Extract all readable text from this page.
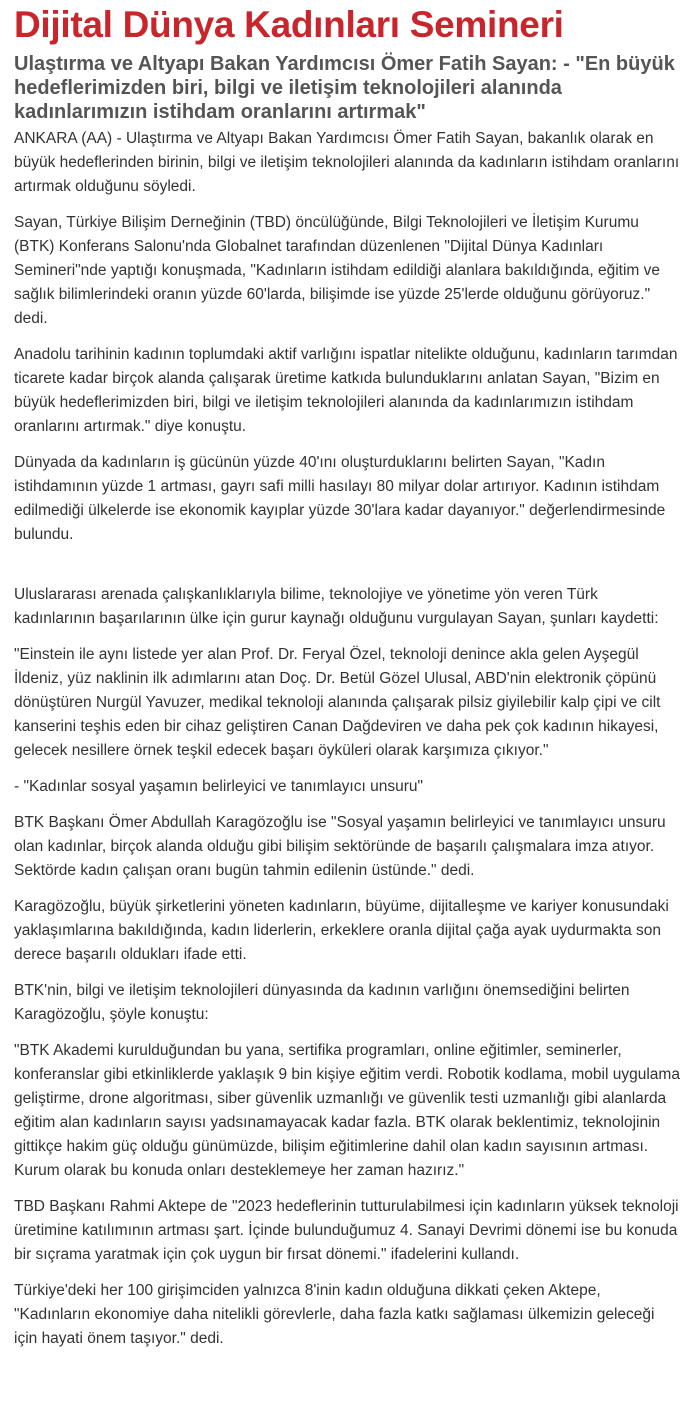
Dijital Dünya Kadınları Semineri
Ulaştırma ve Altyapı Bakan Yardımcısı Ömer Fatih Sayan: - "En büyük hedeflerimizden biri, bilgi ve iletişim teknolojileri alanında kadınlarımızın istihdam oranlarını artırmak"

ANKARA (AA) - Ulaştırma ve Altyapı Bakan Yardımcısı Ömer Fatih Sayan, bakanlık olarak en büyük hedeflerinden birinin, bilgi ve iletişim teknolojileri alanında da kadınların istihdam oranlarını artırmak olduğunu söyledi.

Sayan, Türkiye Bilişim Derneğinin (TBD) öncülüğünde, Bilgi Teknolojileri ve İletişim Kurumu (BTK) Konferans Salonu'nda Globalnet tarafından düzenlenen "Dijital Dünya Kadınları Semineri"nde yaptığı konuşmada, "Kadınların istihdam edildiği alanlara bakıldığında, eğitim ve sağlık bilimlerindeki oranın yüzde 60'larda, bilişimde ise yüzde 25'lerde olduğunu görüyoruz." dedi.

Anadolu tarihinin kadının toplumdaki aktif varlığını ispatlar nitelikte olduğunu, kadınların tarımdan ticarete kadar birçok alanda çalışarak üretime katkıda bulunduklarını anlatan Sayan, "Bizim en büyük hedeflerimizden biri, bilgi ve iletişim teknolojileri alanında da kadınlarımızın istihdam oranlarını artırmak." diye konuştu.

Dünyada da kadınların iş gücünün yüzde 40'ını oluşturduklarını belirten Sayan, "Kadın istihdamının yüzde 1 artması, gayrı safi milli hasılayı 80 milyar dolar artırıyor. Kadının istihdam edilmediği ülkelerde ise ekonomik kayıplar yüzde 30'lara kadar dayanıyor." değerlendirmesinde bulundu.

Uluslararası arenada çalışkanlıklarıyla bilime, teknolojiye ve yönetime yön veren Türk kadınlarının başarılarının ülke için gurur kaynağı olduğunu vurgulayan Sayan, şunları kaydetti:

"Einstein ile aynı listede yer alan Prof. Dr. Feryal Özel, teknoloji denince akla gelen Ayşegül İldeniz, yüz naklinin ilk adımlarını atan Doç. Dr. Betül Gözel Ulusal, ABD'nin elektronik çöpünü dönüştüren Nurgül Yavuzer, medikal teknoloji alanında çalışarak pilsiz giyilebilir kalp çipi ve cilt kanserini teşhis eden bir cihaz geliştiren Canan Dağdeviren ve daha pek çok kadının hikayesi, gelecek nesillere örnek teşkil edecek başarı öyküleri olarak karşımıza çıkıyor."

- "Kadınlar sosyal yaşamın belirleyici ve tanımlayıcı unsuru"

BTK Başkanı Ömer Abdullah Karagözoğlu ise "Sosyal yaşamın belirleyici ve tanımlayıcı unsuru olan kadınlar, birçok alanda olduğu gibi bilişim sektöründe de başarılı çalışmalara imza atıyor. Sektörde kadın çalışan oranı bugün tahmin edilenin üstünde." dedi.

Karagözoğlu, büyük şirketlerini yöneten kadınların, büyüme, dijitalleşme ve kariyer konusundaki yaklaşımlarına bakıldığında, kadın liderlerin, erkeklere oranla dijital çağa ayak uydurmakta son derece başarılı oldukları ifade etti.

BTK'nin, bilgi ve iletişim teknolojileri dünyasında da kadının varlığını önemsediğini belirten Karagözoğlu, şöyle konuştu:

"BTK Akademi kurulduğundan bu yana, sertifika programları, online eğitimler, seminerler, konferanslar gibi etkinliklerde yaklaşık 9 bin kişiye eğitim verdi. Robotik kodlama, mobil uygulama geliştirme, drone algoritması, siber güvenlik uzmanlığı ve güvenlik testi uzmanlığı gibi alanlarda eğitim alan kadınların sayısı yadsınamayacak kadar fazla. BTK olarak beklentimiz, teknolojinin gittikçe hakim güç olduğu günümüzde, bilişim eğitimlerine dahil olan kadın sayısının artması. Kurum olarak bu konuda onları desteklemeye her zaman hazırız."

TBD Başkanı Rahmi Aktepe de "2023 hedeflerinin tutturulabilmesi için kadınların yüksek teknoloji üretimine katılımının artması şart. İçinde bulunduğumuz 4. Sanayi Devrimi dönemi ise bu konuda bir sıçrama yaratmak için çok uygun bir fırsat dönemi." ifadelerini kullandı.

Türkiye'deki her 100 girişimciden yalnızca 8'inin kadın olduğuna dikkati çeken Aktepe, "Kadınların ekonomiye daha nitelikli görevlerle, daha fazla katkı sağlaması ülkemizin geleceği için hayati önem taşıyor." dedi.
